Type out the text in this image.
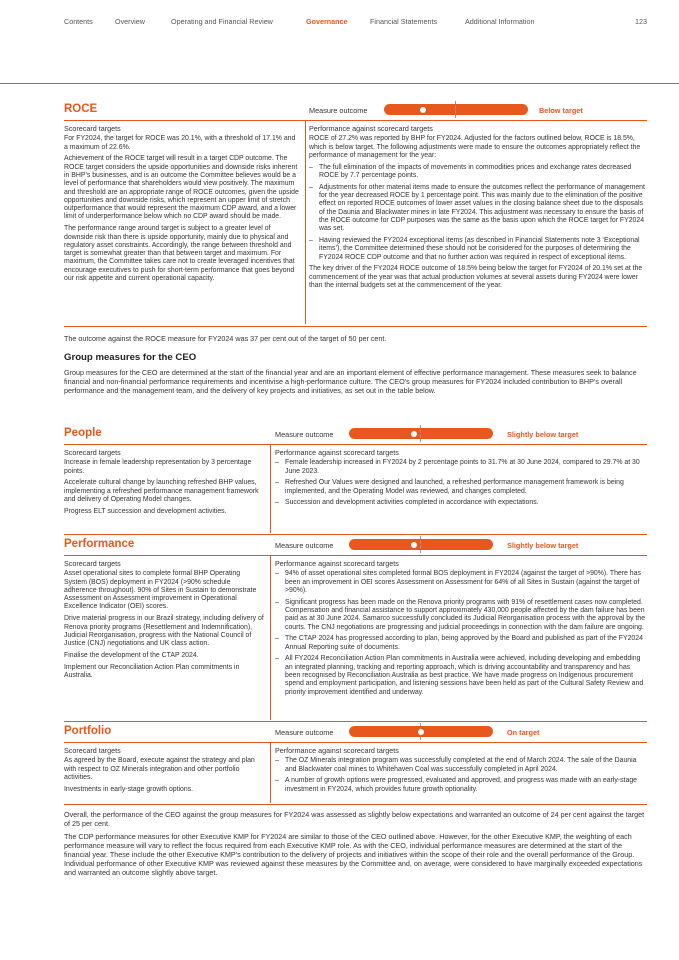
Contents	Overview	Operating and Financial Review	Governance	Financial Statements	Additional Information	123
ROCE	Measure outcome	Below target
Scorecard targets

For FY2024, the target for ROCE was 20.1%, with a threshold of 17.1% and a maximum of 22.6%.

Achievement of the ROCE target will result in a target CDP outcome. The ROCE target considers the upside opportunities and downside risks inherent in BHP’s businesses, and is an outcome the Committee believes would be a level of performance that shareholders would view positively. The maximum and threshold are an appropriate range of ROCE outcomes, given the upside opportunities and downside risks, which represent an upper limit of stretch outperformance that would represent the maximum CDP award, and a lower limit of underperformance below which no CDP award should be made.

The performance range around target is subject to a greater level of downside risk than there is upside opportunity, mainly due to physical and regulatory asset constraints. Accordingly, the range between threshold and target is somewhat greater than that between target and maximum. For maximum, the Committee takes care not to create leveraged incentives that encourage executives to push for short-term performance that goes beyond our risk appetite and current operational capacity.

Performance against scorecard targets

ROCE of 27.2% was reported by BHP for FY2024. Adjusted for the factors outlined below, ROCE is 18.5%, which is below target. The following adjustments were made to ensure the outcomes appropriately reflect the performance of management for the year:

– The full elimination of the impacts of movements in commodities prices and exchange rates decreased ROCE by 7.7 percentage points.
– Adjustments for other material items made to ensure the outcomes reflect the performance of management for the year decreased ROCE by 1 percentage point. This was mainly due to the elimination of the positive effect on reported ROCE outcomes of lower asset values in the closing balance sheet due to the disposals of the Daunia and Blackwater mines in late FY2024. This adjustment was necessary to ensure the basis of the ROCE outcome for CDP purposes was the same as the basis upon which the ROCE target for FY2024 was set.
– Having reviewed the FY2024 exceptional items (as described in Financial Statements note 3 ‘Exceptional items’), the Committee determined these should not be considered for the purposes of determining the FY2024 ROCE CDP outcome and that no further action was required in respect of exceptional items.

The key driver of the FY2024 ROCE outcome of 18.5% being below the target for FY2024 of 20.1% set at the commencement of the year was that actual production volumes at several assets during FY2024 were lower than the internal budgets set at the commencement of the year.

The outcome against the ROCE measure for FY2024 was 37 per cent out of the target of 50 per cent.
Group measures for the CEO
Group measures for the CEO are determined at the start of the financial year and are an important element of effective performance management. These measures seek to balance financial and non-financial performance requirements and incentivise a high-performance culture. The CEO’s group measures for FY2024 included contribution to BHP’s overall performance and the management team, and the delivery of key projects and initiatives, as set out in the table below.
People	Measure outcome	Slightly below target
Scorecard targets

Increase in female leadership representation by 3 percentage points.

Accelerate cultural change by launching refreshed BHP values, implementing a refreshed performance management framework and delivery of Operating Model changes.

Progress ELT succession and development activities.

Performance against scorecard targets
– Female leadership increased in FY2024 by 2 percentage points to 31.7% at 30 June 2024, compared to 29.7% at 30 June 2023.
– Refreshed Our Values were designed and launched, a refreshed performance management framework is being implemented, and the Operating Model was reviewed, and changes completed.
– Succession and development activities completed in accordance with expectations.
Performance	Measure outcome	Slightly below target
Scorecard targets

Asset operational sites to complete formal BHP Operating System (BOS) deployment in FY2024 (>90% schedule adherence throughout). 90% of Sites in Sustain to demonstrate Assessment on Assessment improvement in Operational Excellence Indicator (OEI) scores.

Drive material progress in our Brazil strategy, including delivery of Renova priority programs (Resettlement and Indemnification), Judicial Reorganisation, progress with the National Council of Justice (CNJ) negotiations and UK class action.

Finalise the development of the CTAP 2024.

Implement our Reconciliation Action Plan commitments in Australia.

Performance against scorecard targets
– 94% of asset operational sites completed formal BOS deployment in FY2024 (against the target of >90%). There has been an improvement in OEI scores Assessment on Assessment for 64% of all Sites in Sustain (against the target of >90%).
– Significant progress has been made on the Renova priority programs with 91% of resettlement cases now completed. Compensation and financial assistance to support approximately 430,000 people affected by the dam failure has been paid as at 30 June 2024. Samarco successfully concluded its Judicial Reorganisation process with the approval by the courts. The CNJ negotiations are progressing and judicial proceedings in connection with the dam failure are ongoing.
– The CTAP 2024 has progressed according to plan, being approved by the Board and published as part of the FY2024 Annual Reporting suite of documents.
– All FY2024 Reconciliation Action Plan commitments in Australia were achieved, including developing and embedding an integrated planning, tracking and reporting approach, which is driving accountability and transparency and has been recognised by Reconciliation Australia as best practice. We have made progress on Indigenous procurement spend and employment participation, and listening sessions have been held as part of the Cultural Safety Review and priority improvement identified and underway.
Portfolio	Measure outcome	On target
Scorecard targets

As agreed by the Board, execute against the strategy and plan with respect to OZ Minerals integration and other portfolio activities.

Investments in early-stage growth options.

Performance against scorecard targets
– The OZ Minerals integration program was successfully completed at the end of March 2024. The sale of the Daunia and Blackwater coal mines to Whitehaven Coal was successfully completed in April 2024.
– A number of growth options were progressed, evaluated and approved, and progress was made with an early-stage investment in FY2024, which provides future growth optionality.
Overall, the performance of the CEO against the group measures for FY2024 was assessed as slightly below expectations and warranted an outcome of 24 per cent against the target of 25 per cent.
The CDP performance measures for other Executive KMP for FY2024 are similar to those of the CEO outlined above. However, for the other Executive KMP, the weighting of each performance measure will vary to reflect the focus required from each Executive KMP role. As with the CEO, individual performance measures are determined at the start of the financial year. These include the other Executive KMP’s contribution to the delivery of projects and initiatives within the scope of their role and the overall performance of the Group. Individual performance of other Executive KMP was reviewed against these measures by the Committee and, on average, were considered to have marginally exceeded expectations and warranted an outcome slightly above target.
